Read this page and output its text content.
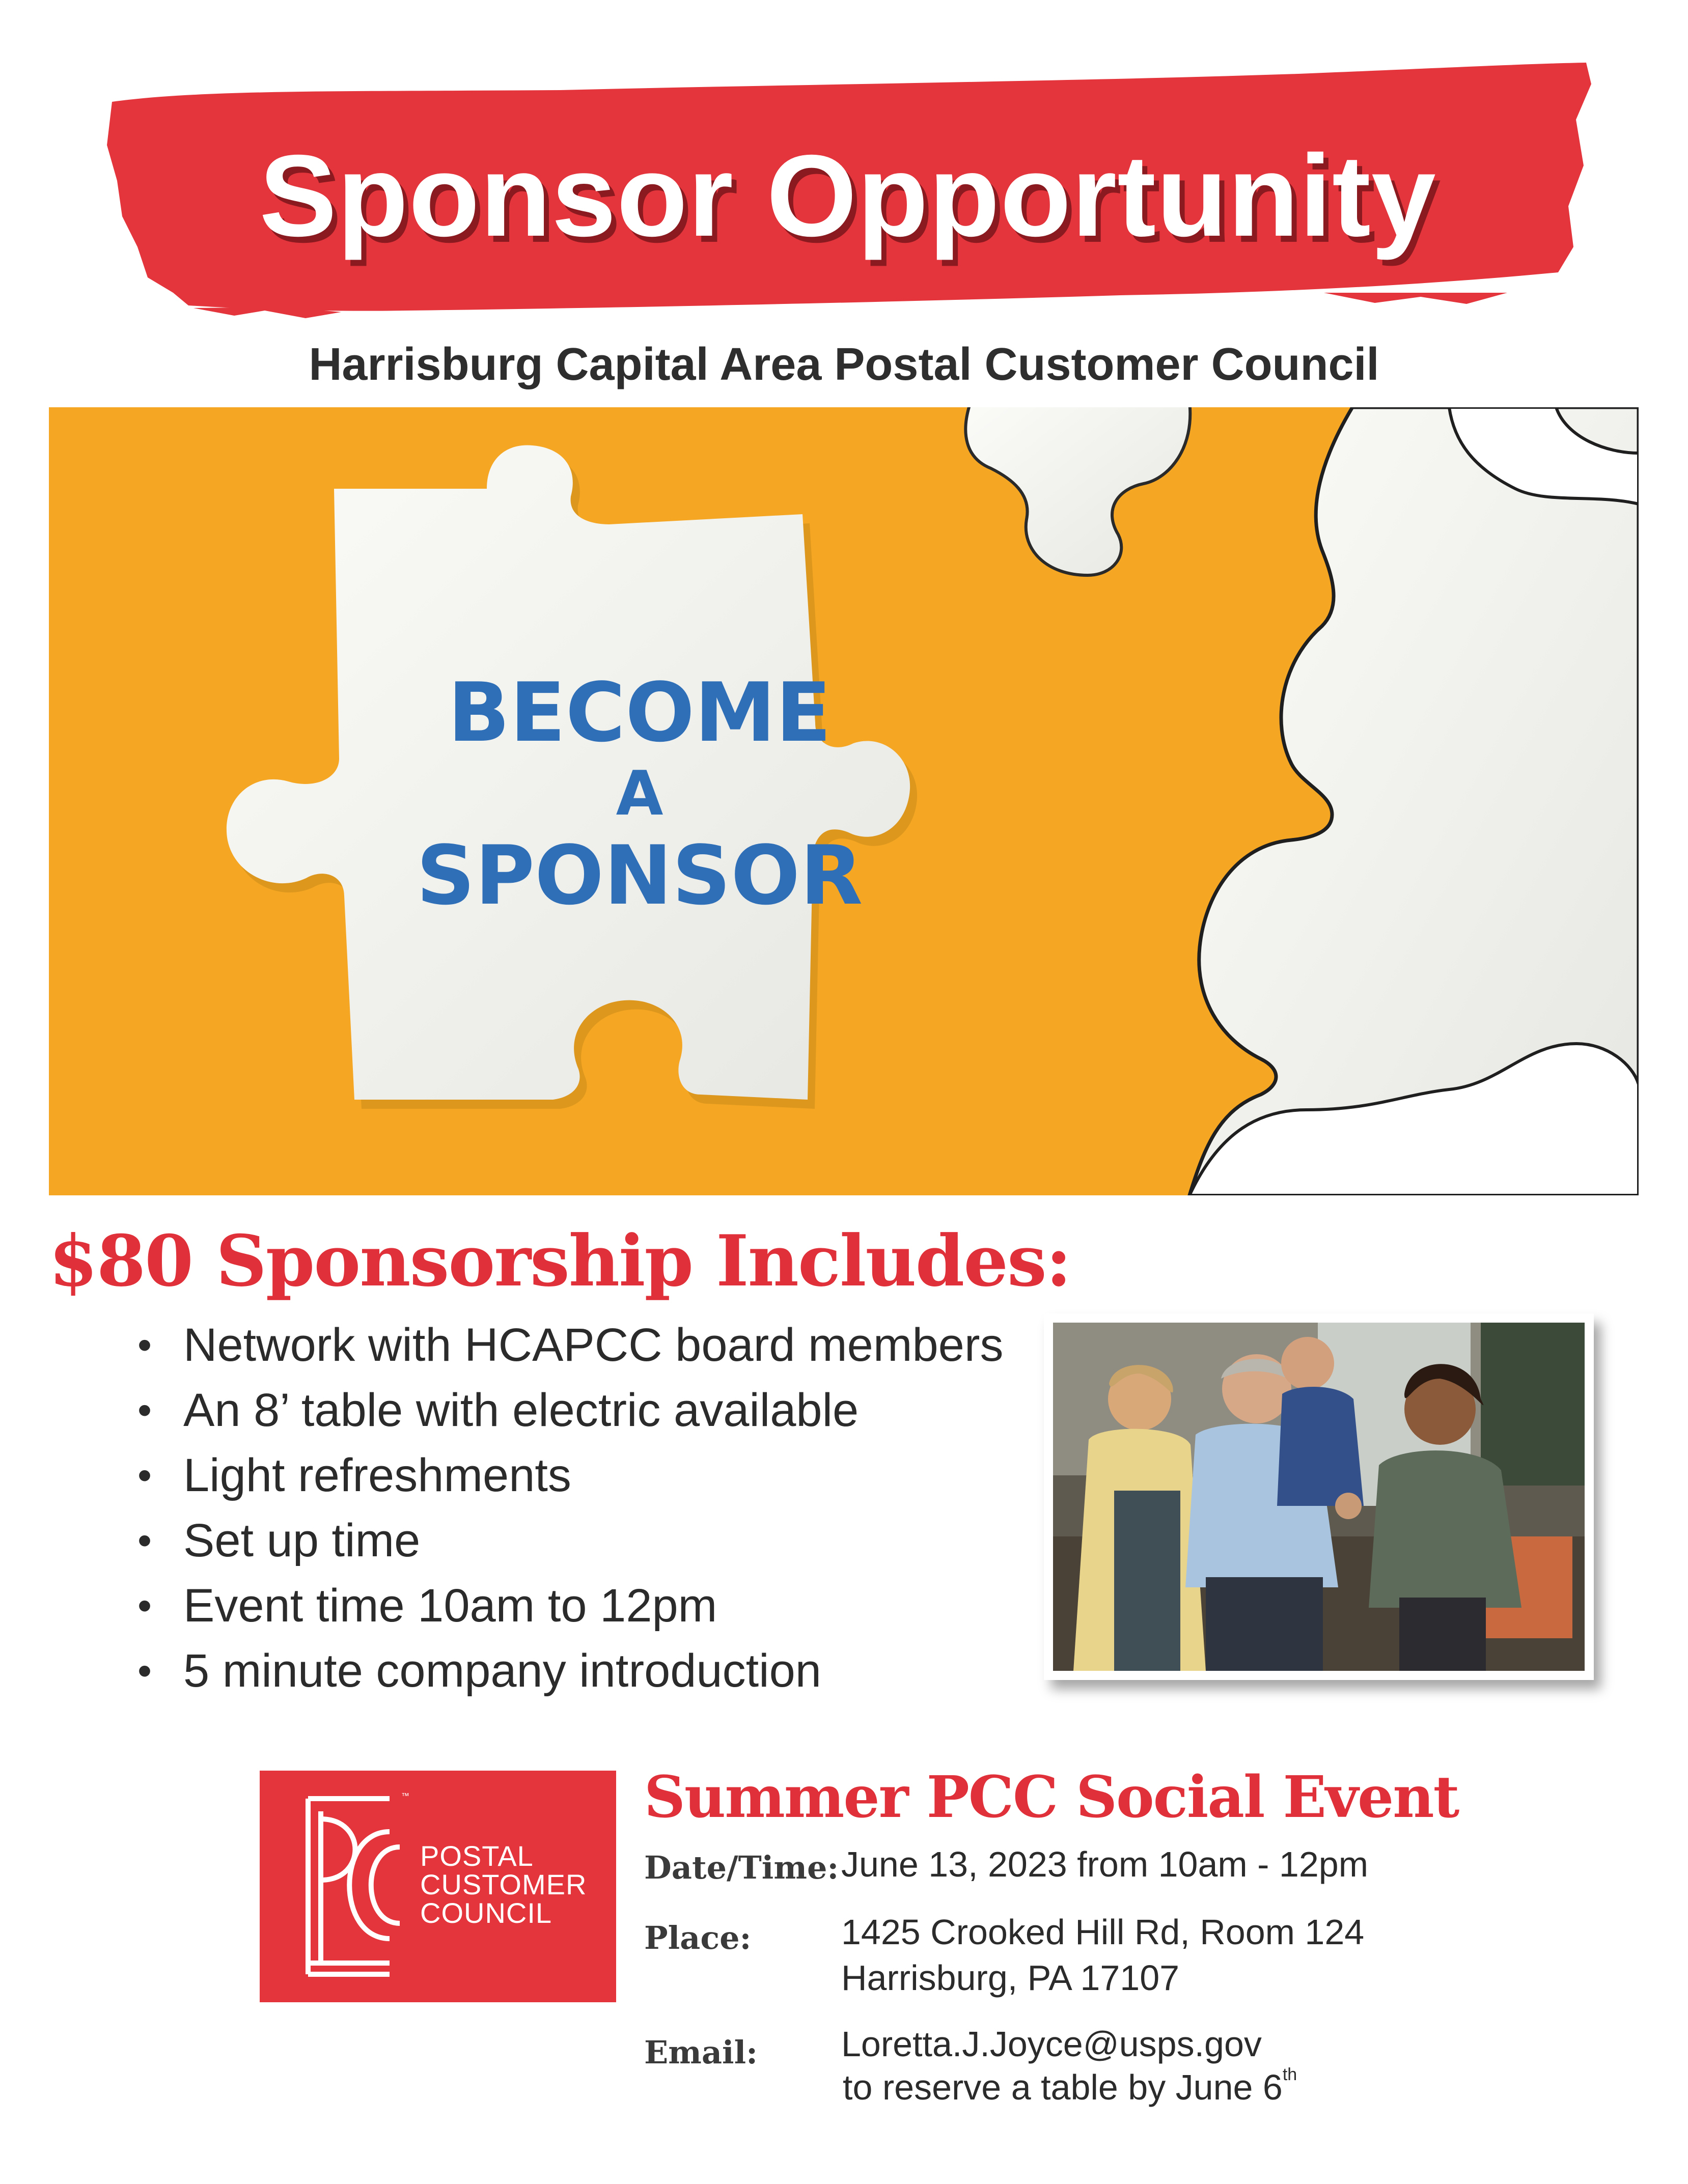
Sponsor Opportunity
Harrisburg Capital Area Postal Customer Council
BECOME
A
SPONSOR
$80 Sponsorship Includes:
• Network with HCAPCC board members
• An 8’ table with electric available
• Light refreshments
• Set up time
• Event time 10am to 12pm
• 5 minute company introduction
™
POSTAL
CUSTOMER
COUNCIL
Summer PCC Social Event
Date/Time: June 13, 2023 from 10am - 12pm
Place:	1425 Crooked Hill Rd, Room 124
Harrisburg, PA 17107
Email: Loretta.J.Joyce@usps.gov
to reserve a table by June 6th
